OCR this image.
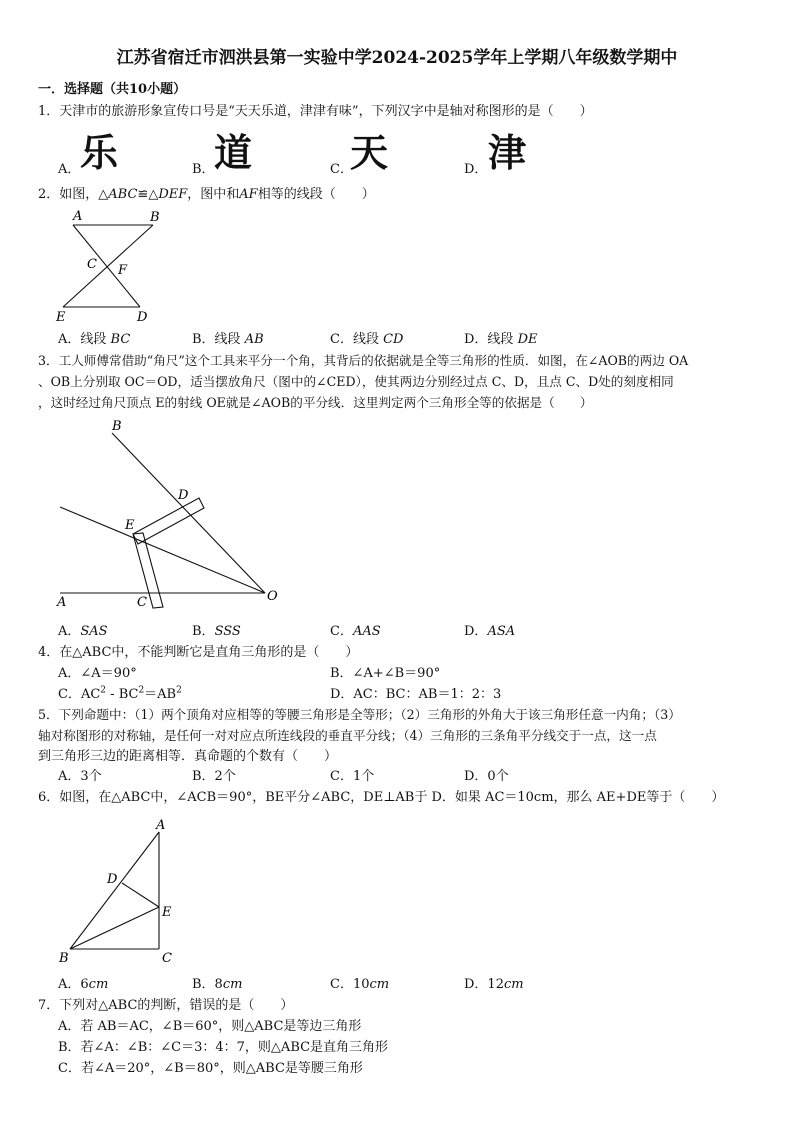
江苏省宿迁市泗洪县第一实验中学2024-2025学年上学期八年级数学期中
一．选择题（共10小题）
1．天津市的旅游形象宣传口号是“天天乐道，津津有味”，下列汉字中是轴对称图形的是（　　）
A． 乐	B． 道	C．
天	D． 津
2．如图，△ABC≌△DEF，图中和AF相等的线段（　　）
A	B
C F
E	D
A．线段 BC	B．线段 AB	C．线段 CD	D．线段 DE
3．工人师傅常借助“角尺”这个工具来平分一个角，其背后的依据就是全等三角形的性质．如图，在∠AOB的两边 OA
、OB上分别取 OC＝OD，适当摆放角尺（图中的∠CED），使其两边分别经过点 C、D，且点 C、D处的刻度相同
，这时经过角尺顶点 E的射线 OE就是∠AOB的平分线．这里判定两个三角形全等的依据是（　　）
B
D
E
A	C	O
A．SAS	B．SSS	C．AAS	D．ASA
4．在△ABC中，不能判断它是直角三角形的是（　　）
A．∠A＝90°	B．∠A+∠B＝90°
C．$AC^2 - BC^2=AB^2$	D．AC：BC：AB＝1：2：3
5．下列命题中：（1）两个顶角对应相等的等腰三角形是全等形；（2）三角形的外角大于该三角形任意一内角；（3）
轴对称图形的对称轴，是任何一对对应点所连线段的垂直平分线；（4）三角形的三条角平分线交于一点，这一点
到三角形三边的距离相等．真命题的个数有（　　）
A．3个	B．2个	C．1个	D．0个
6．如图，在△ABC中，∠ACB＝90°，BE平分∠ABC，DE⊥AB于 D．如果 AC＝10cm，那么 AE+DE等于（　　）
A
D
E
B	C
A．6cm	B．8cm	C．10cm	D．12cm
7．下列对△ABC的判断，错误的是（　　）
A．若 AB＝AC，∠B＝60°，则△ABC是等边三角形
B．若∠A：∠B：∠C＝3：4：7，则△ABC是直角三角形
C．若∠A＝20°，∠B＝80°，则△ABC是等腰三角形
